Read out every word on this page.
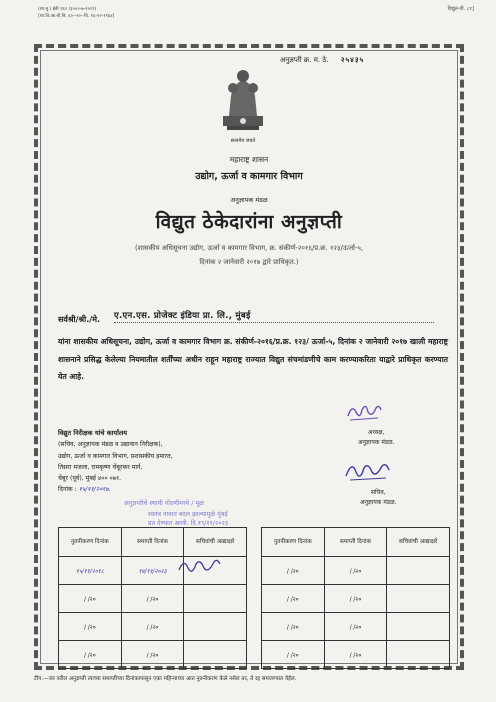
(शा.मु.) ईबी १६२ (३०००-७-२०१९)
[शा.वि.आ.बी.बि. ६०--२०--वि. १६-१२-१९६४]
विद्युत-पी. ८१]
अनुज्ञप्ती क्र. म. ठे. २५४३५
सत्यमेव जयते
महाराष्ट्र शासन
उद्योग, ऊर्जा व कामगार विभाग
अनुज्ञापक मंडळ
विद्युत ठेकेदारांना अनुज्ञप्ती
(शासकीय अधिसूचना उद्योग, ऊर्जा व कामगार विभाग, क्र. संकीर्ण-२०१६/प्र.क्र. १२३/ऊर्जा-५,
दिनांक २ जानेवारी २०१७ द्वारे प्राधिकृत.)
सर्वश्री/श्री./मे. ए.एन.एस. प्रोजेक्ट इंडिया प्रा. लि., मुंबई
यांना शासकीय अधिसूचना, उद्योग, ऊर्जा व कामगार विभाग क्र. संकीर्ण-२०१६/प्र.क्र. १२३/ ऊर्जा-५, दिनांक २ जानेवारी २०१७ खाली महाराष्ट्र शासनाने प्रसिद्ध केलेल्या नियमातील शर्तींच्या अधीन राहून महाराष्ट्र राज्यात विद्युत संचमांडणीचे काम करण्याकरिता याद्वारे प्राधिकृत करण्यात येत आहे.
अध्यक्ष,
अनुज्ञापक मंडळ.
विद्युत निरीक्षक यांचे कार्यालय
(सचिव, अनुज्ञापक मंडळ व उद्यावान निरीक्षक),
उद्योग, ऊर्जा व कामगार विभाग, प्रशासकीय इमारत,
तिसरा मजला, रामकृष्ण चेंबूरकर मार्ग,
चेंबूर (पूर्व), मुंबई ४०० ०७१.
दिनांक : १५/११/२०१७.
अनुज्ञप्तीचे स्थायी नोंदणीमध्ये / मूळ
स्वतंत्र नावात बदल झाल्यामुळे मुंबई
प्रत देण्यात आली. दि.१९/११/२०२३
सचिव,
अनुज्ञापक मंडळ.
नुतनीकरण दिनांक	समाप्ती दिनांक	सचिवांची आद्याक्षरे		नुतनीकरण दिनांक	समाप्ती दिनांक	सचिवांची आद्याक्षरे
१५/११/२०१८	१४/११/२०२३			/ /२०	/ /२०	
/ /२०	/ /२०			/ /२०	/ /२०	
/ /२०	/ /२०			/ /२०	/ /२०	
/ /२०	/ /२०			/ /२०	/ /२०	
टीप.—जर वरील अनुज्ञप्ती त्याच्या समाप्तीच्या दिनांकापासून एका महिन्याच्या आत नुतनीकरण केले नसेल तर, ते रद्द समजण्यात येईल.
